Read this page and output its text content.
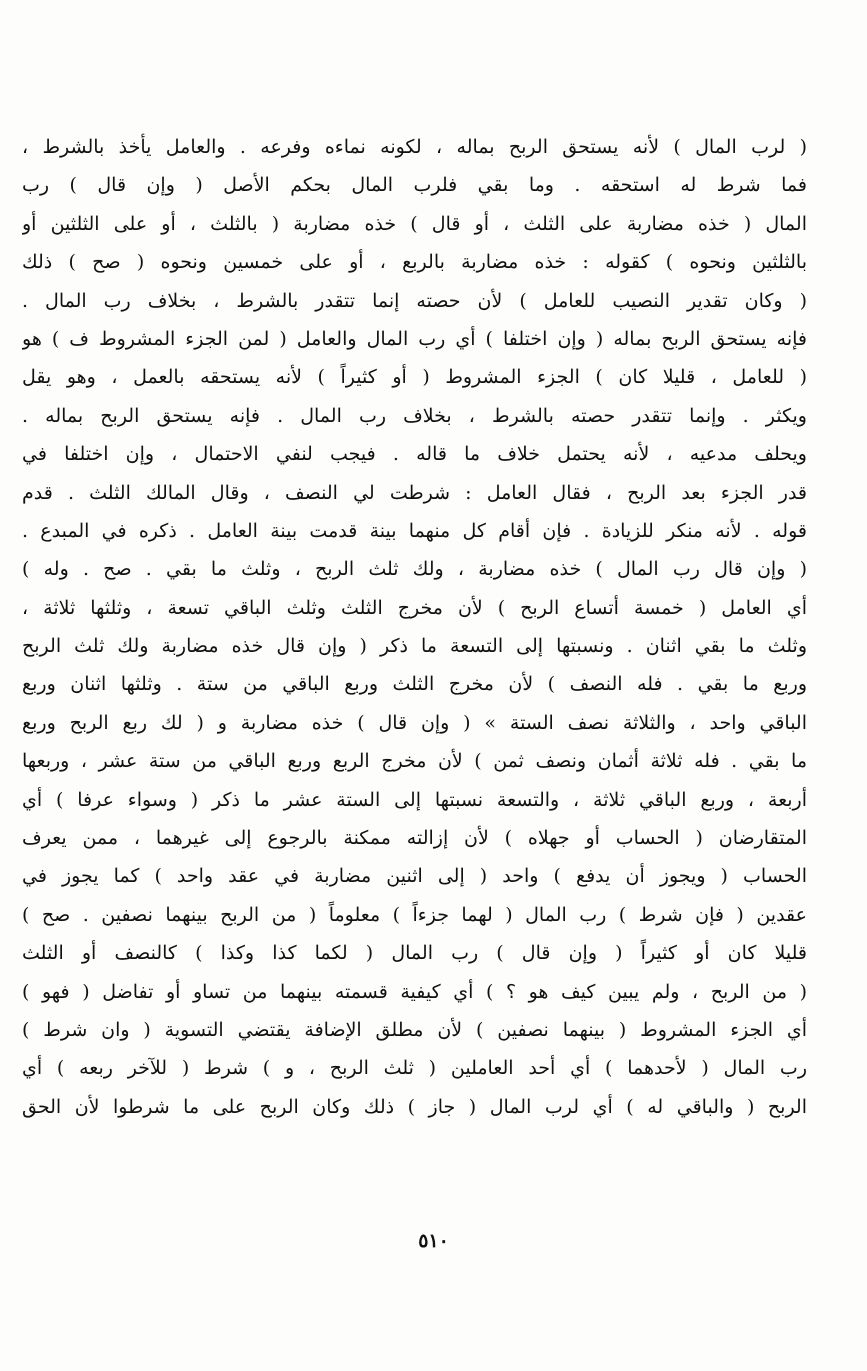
( لرب المال ) لأنه يستحق الربح بماله ، لكونه نماءه وفرعه . والعامل يأخذ بالشرط ،
فما شرط له استحقه . وما بقي فلرب المال بحكم الأصل ( وإن قال ) رب
المال ( خذه مضاربة على الثلث ، أو قال ) خذه مضاربة ( بالثلث ، أو على الثلثين أو
بالثلثين ونحوه ) كقوله : خذه مضاربة بالربع ، أو على خمسين ونحوه ( صح ) ذلك
( وكان تقدير النصيب للعامل ) لأن حصته إنما تتقدر بالشرط ، بخلاف رب المال .
فإنه يستحق الربح بماله ( وإن اختلفا ) أي رب المال والعامل ( لمن الجزء المشروط ف ) هو
( للعامل ، قليلا كان ) الجزء المشروط ( أو كثيراً ) لأنه يستحقه بالعمل ، وهو يقل
ويكثر . وإنما تتقدر حصته بالشرط ، بخلاف رب المال . فإنه يستحق الربح بماله .
ويحلف مدعيه ، لأنه يحتمل خلاف ما قاله . فيجب لنفي الاحتمال ، وإن اختلفا في
قدر الجزء بعد الربح ، فقال العامل : شرطت لي النصف ، وقال المالك الثلث . قدم
قوله . لأنه منكر للزيادة . فإن أقام كل منهما بينة قدمت بينة العامل . ذكره في المبدع .
( وإن قال رب المال ) خذه مضاربة ، ولك ثلث الربح ، وثلث ما بقي . صح . وله )
أي العامل ( خمسة أتساع الربح ) لأن مخرج الثلث وثلث الباقي تسعة ، وثلثها ثلاثة ،
وثلث ما بقي اثنان . ونسبتها إلى التسعة ما ذكر ( وإن قال خذه مضاربة ولك ثلث الربح
وربع ما بقي . فله النصف ) لأن مخرج الثلث وربع الباقي من ستة . وثلثها اثنان وربع
الباقي واحد ، والثلاثة نصف الستة » ( وإن قال ) خذه مضاربة و ( لك ربع الربح وربع
ما بقي . فله ثلاثة أثمان ونصف ثمن ) لأن مخرج الربع وربع الباقي من ستة عشر ، وربعها
أربعة ، وربع الباقي ثلاثة ، والتسعة نسبتها إلى الستة عشر ما ذكر ( وسواء عرفا ) أي
المتقارضان ( الحساب أو جهلاه ) لأن إزالته ممكنة بالرجوع إلى غيرهما ، ممن يعرف
الحساب ( ويجوز أن يدفع ) واحد ( إلى اثنين مضاربة في عقد واحد ) كما يجوز في
عقدين ( فإن شرط ) رب المال ( لهما جزءاً ) معلوماً ( من الربح بينهما نصفين . صح )
قليلا كان أو كثيراً ( وإن قال ) رب المال ( لكما كذا وكذا ) كالنصف أو الثلث
( من الربح ، ولم يبين كيف هو ؟ ) أي كيفية قسمته بينهما من تساو أو تفاضل ( فهو )
أي الجزء المشروط ( بينهما نصفين ) لأن مطلق الإضافة يقتضي التسوية ( وان شرط )
رب المال ( لأحدهما ) أي أحد العاملين ( ثلث الربح ، و ) شرط ( للآخر ربعه ) أي
الربح ( والباقي له ) أي لرب المال ( جاز ) ذلك وكان الربح على ما شرطوا لأن الحق
٥١٠
